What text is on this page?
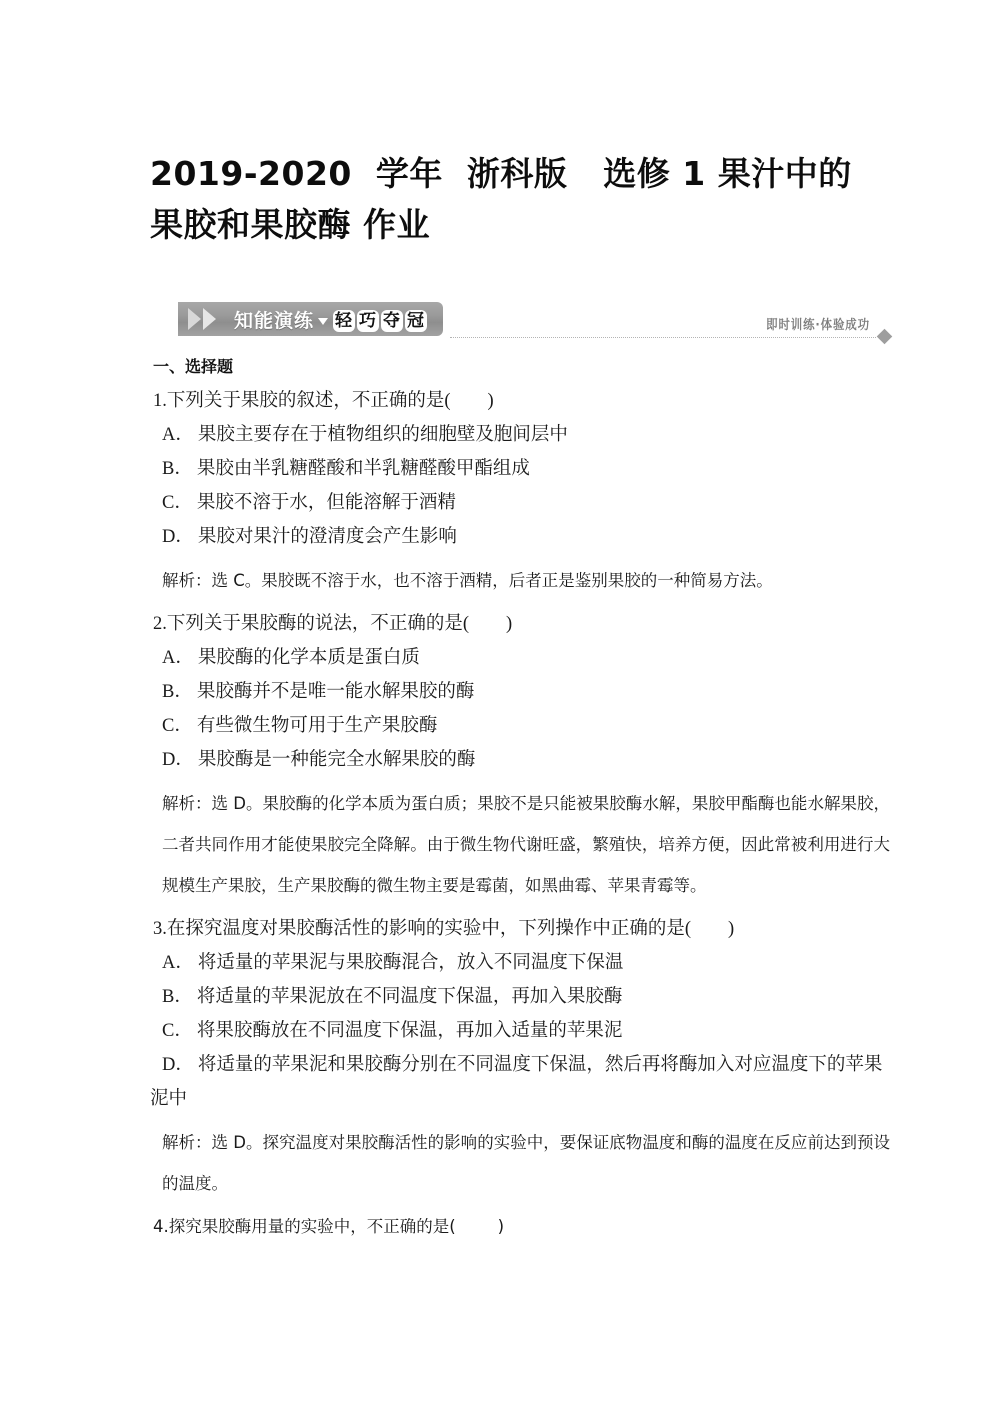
2019-2020  学年  浙科版   选修 1 果汁中的
果胶和果胶酶 作业
知能演练 轻 巧 夺 冠	即时训练·体验成功
一、选择题
1.下列关于果胶的叙述，不正确的是(        )
A． 果胶主要存在于植物组织的细胞壁及胞间层中
B． 果胶由半乳糖醛酸和半乳糖醛酸甲酯组成
C． 果胶不溶于水，但能溶解于酒精
D． 果胶对果汁的澄清度会产生影响
解析：选 C。果胶既不溶于水，也不溶于酒精，后者正是鉴别果胶的一种简易方法。
2.下列关于果胶酶的说法，不正确的是(        )
A． 果胶酶的化学本质是蛋白质
B． 果胶酶并不是唯一能水解果胶的酶
C． 有些微生物可用于生产果胶酶
D． 果胶酶是一种能完全水解果胶的酶
解析：选 D。果胶酶的化学本质为蛋白质；果胶不是只能被果胶酶水解，果胶甲酯酶也能水解果胶，二者共同作用才能使果胶完全降解。由于微生物代谢旺盛，繁殖快，培养方便，因此常被利用进行大规模生产果胶，生产果胶酶的微生物主要是霉菌，如黑曲霉、苹果青霉等。
3.在探究温度对果胶酶活性的影响的实验中，下列操作中正确的是(        )
A． 将适量的苹果泥与果胶酶混合，放入不同温度下保温
B． 将适量的苹果泥放在不同温度下保温，再加入果胶酶
C． 将果胶酶放在不同温度下保温，再加入适量的苹果泥
D． 将适量的苹果泥和果胶酶分别在不同温度下保温，然后再将酶加入对应温度下的苹果泥中
解析：选 D。探究温度对果胶酶活性的影响的实验中，要保证底物温度和酶的温度在反应前达到预设的温度。
4.探究果胶酶用量的实验中，不正确的是(        )
